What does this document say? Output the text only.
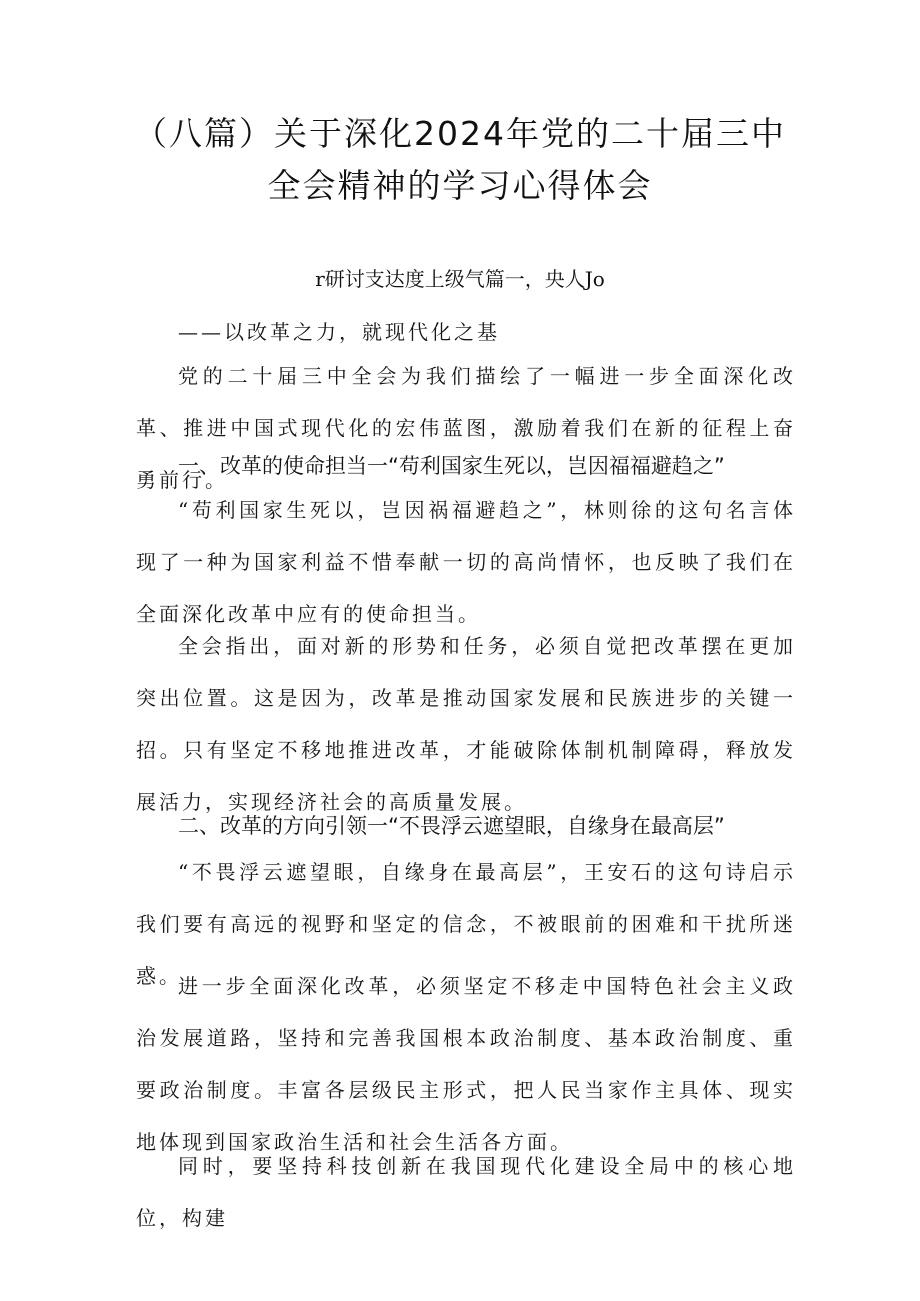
（八篇）关于深化2024年党的二十届三中
全会精神的学习心得体会
r研讨支达度上级气篇一，央人Jo
——以改革之力，就现代化之基
党的二十届三中全会为我们描绘了一幅进一步全面深化改革、推进中国式现代化的宏伟蓝图，激励着我们在新的征程上奋勇前行。
一、改革的使命担当一“苟利国家生死以，岂因福福避趋之”
“苟利国家生死以，岂因祸福避趋之”，林则徐的这句名言体现了一种为国家利益不惜奉献一切的高尚情怀，也反映了我们在全面深化改革中应有的使命担当。
全会指出，面对新的形势和任务，必须自觉把改革摆在更加突出位置。这是因为，改革是推动国家发展和民族进步的关键一招。只有坚定不移地推进改革，才能破除体制机制障碍，释放发展活力，实现经济社会的高质量发展。
二、改革的方向引领一“不畏浮云遮望眼，自缘身在最高层”
“不畏浮云遮望眼，自缘身在最高层”，王安石的这句诗启示我们要有高远的视野和坚定的信念，不被眼前的困难和干扰所迷惑。
进一步全面深化改革，必须坚定不移走中国特色社会主义政治发展道路，坚持和完善我国根本政治制度、基本政治制度、重要政治制度。丰富各层级民主形式，把人民当家作主具体、现实地体现到国家政治生活和社会生活各方面。
同时，要坚持科技创新在我国现代化建设全局中的核心地位，构建
